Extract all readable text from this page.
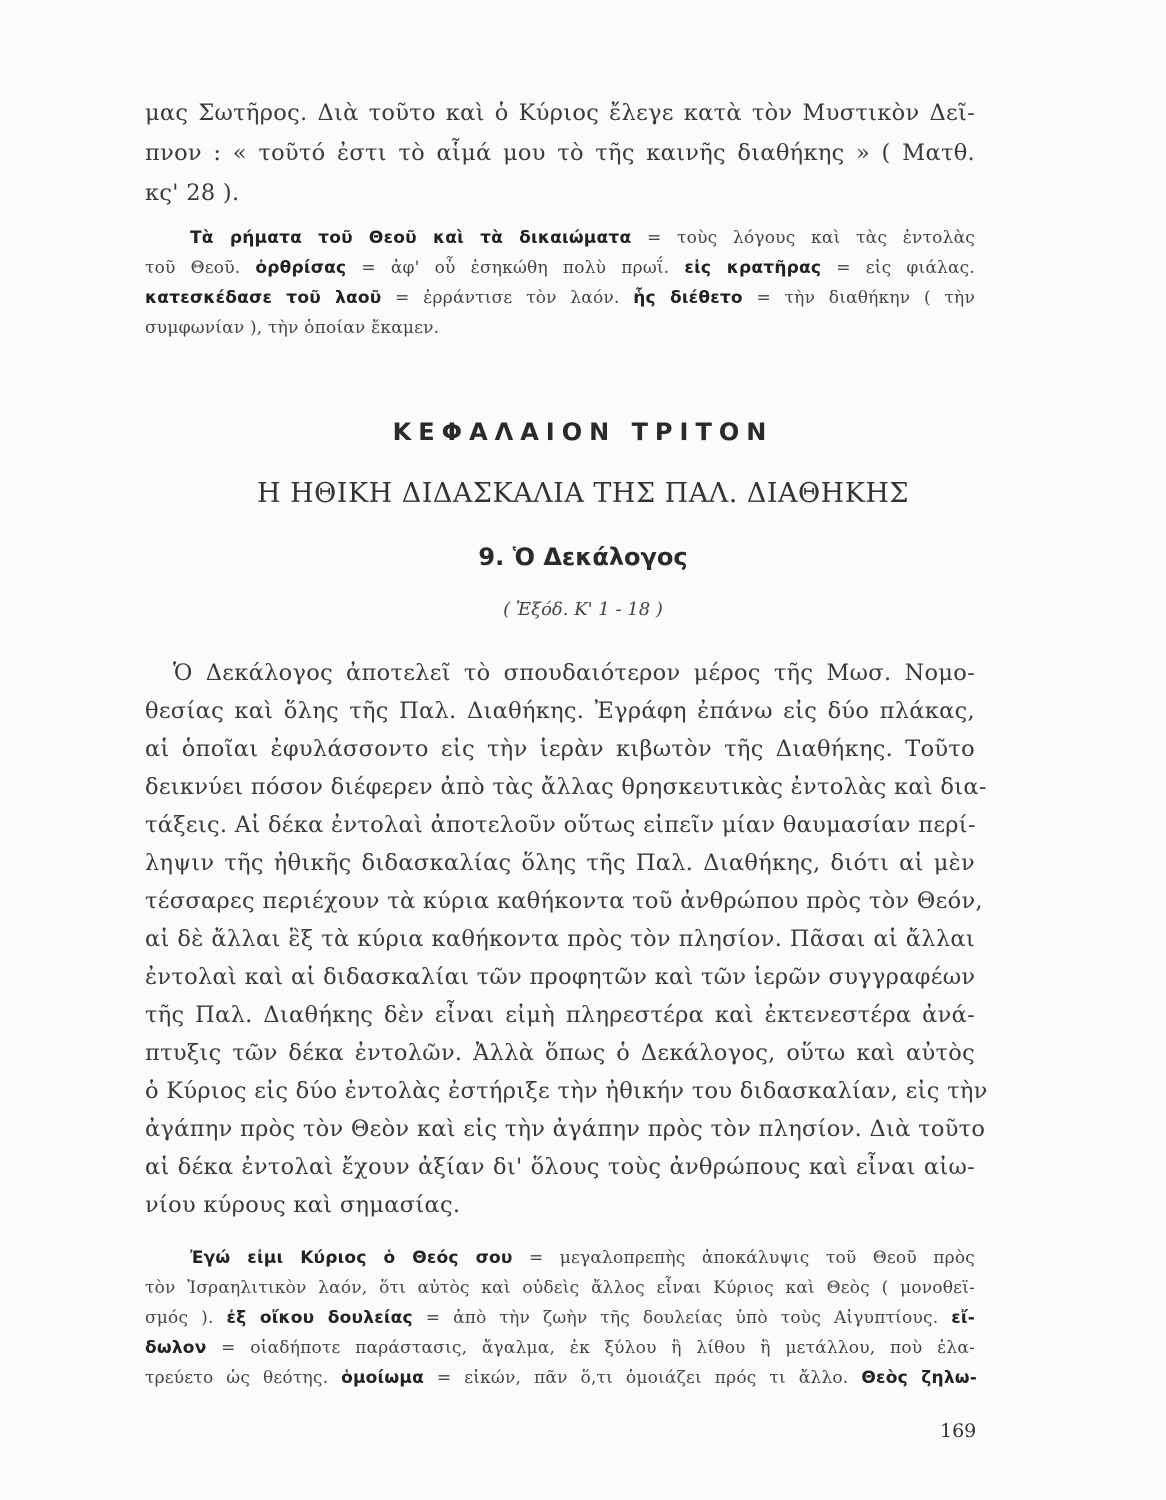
μας Σωτῆρος. Διὰ τοῦτο καὶ ὁ Κύριος ἔλεγε κατὰ τὸν Μυστικὸν Δεῖ-

πνον : « τοῦτό ἐστι τὸ αἷμά μου τὸ τῆς καινῆς διαθήκης » ( Ματθ.

κς' 28 ).

Τὰ ρήματα τοῦ Θεοῦ καὶ τὰ δικαιώματα = τοὺς λόγους καὶ τὰς ἐντολὰς

τοῦ Θεοῦ. ὀρθρίσας = ἀφ' οὗ ἐσηκώθη πολὺ πρωΐ. εἰς κρατῆρας = εἰς φιάλας.

κατεσκέδασε τοῦ λαοῦ = ἐρράντισε τὸν λαόν. ἧς διέθετο = τὴν διαθήκην ( τὴν

συμφωνίαν ), τὴν ὁποίαν ἔκαμεν.

ΚΕΦΑΛΑΙΟΝ ΤΡΙΤΟΝ

Η ΗΘΙΚΗ ΔΙΔΑΣΚΑΛΙΑ ΤΗΣ ΠΑΛ. ΔΙΑΘΗΚΗΣ

9. Ὁ Δεκάλογος

( Ἐξόδ. Κ' 1 - 18 )

Ὁ Δεκάλογος ἀποτελεῖ τὸ σπουδαιότερον μέρος τῆς Μωσ. Νομο-

θεσίας καὶ ὅλης τῆς Παλ. Διαθήκης. Ἐγράφη ἐπάνω εἰς δύο πλάκας,

αἱ ὁποῖαι ἐφυλάσσοντο εἰς τὴν ἱερὰν κιβωτὸν τῆς Διαθήκης. Τοῦτο

δεικνύει πόσον διέφερεν ἀπὸ τὰς ἄλλας θρησκευτικὰς ἐντολὰς καὶ δια-

τάξεις. Αἱ δέκα ἐντολαὶ ἀποτελοῦν οὕτως εἰπεῖν μίαν θαυμασίαν περί-

ληψιν τῆς ἠθικῆς διδασκαλίας ὅλης τῆς Παλ. Διαθήκης, διότι αἱ μὲν

τέσσαρες περιέχουν τὰ κύρια καθήκοντα τοῦ ἀνθρώπου πρὸς τὸν Θεόν,

αἱ δὲ ἄλλαι ἓξ τὰ κύρια καθήκοντα πρὸς τὸν πλησίον. Πᾶσαι αἱ ἄλλαι

ἐντολαὶ καὶ αἱ διδασκαλίαι τῶν προφητῶν καὶ τῶν ἱερῶν συγγραφέων

τῆς Παλ. Διαθήκης δὲν εἶναι εἰμὴ πληρεστέρα καὶ ἐκτενεστέρα ἀνά-

πτυξις τῶν δέκα ἐντολῶν. Ἀλλὰ ὅπως ὁ Δεκάλογος, οὕτω καὶ αὐτὸς

ὁ Κύριος εἰς δύο ἐντολὰς ἐστήριξε τὴν ἠθικήν του διδασκαλίαν, εἰς τὴν

ἀγάπην πρὸς τὸν Θεὸν καὶ εἰς τὴν ἀγάπην πρὸς τὸν πλησίον. Διὰ τοῦτο

αἱ δέκα ἐντολαὶ ἔχουν ἀξίαν δι' ὅλους τοὺς ἀνθρώπους καὶ εἶναι αἰω-

νίου κύρους καὶ σημασίας.

Ἐγώ εἰμι Κύριος ὁ Θεός σου = μεγαλοπρεπὴς ἀποκάλυψις τοῦ Θεοῦ πρὸς

τὸν Ἰσραηλιτικὸν λαόν, ὅτι αὐτὸς καὶ οὐδεὶς ἄλλος εἶναι Κύριος καὶ Θεὸς ( μονοθεϊ-

σμός ). ἐξ οἴκου δουλείας = ἀπὸ τὴν ζωὴν τῆς δουλείας ὑπὸ τοὺς Αἰγυπτίους. εἴ-

δωλον = οἱαδήποτε παράστασις, ἄγαλμα, ἐκ ξύλου ἢ λίθου ἢ μετάλλου, ποὺ ἐλα-

τρεύετο ὡς θεότης. ὁμοίωμα = εἰκών, πᾶν ὅ,τι ὁμοιάζει πρός τι ἄλλο. Θεὸς ζηλω-

169
